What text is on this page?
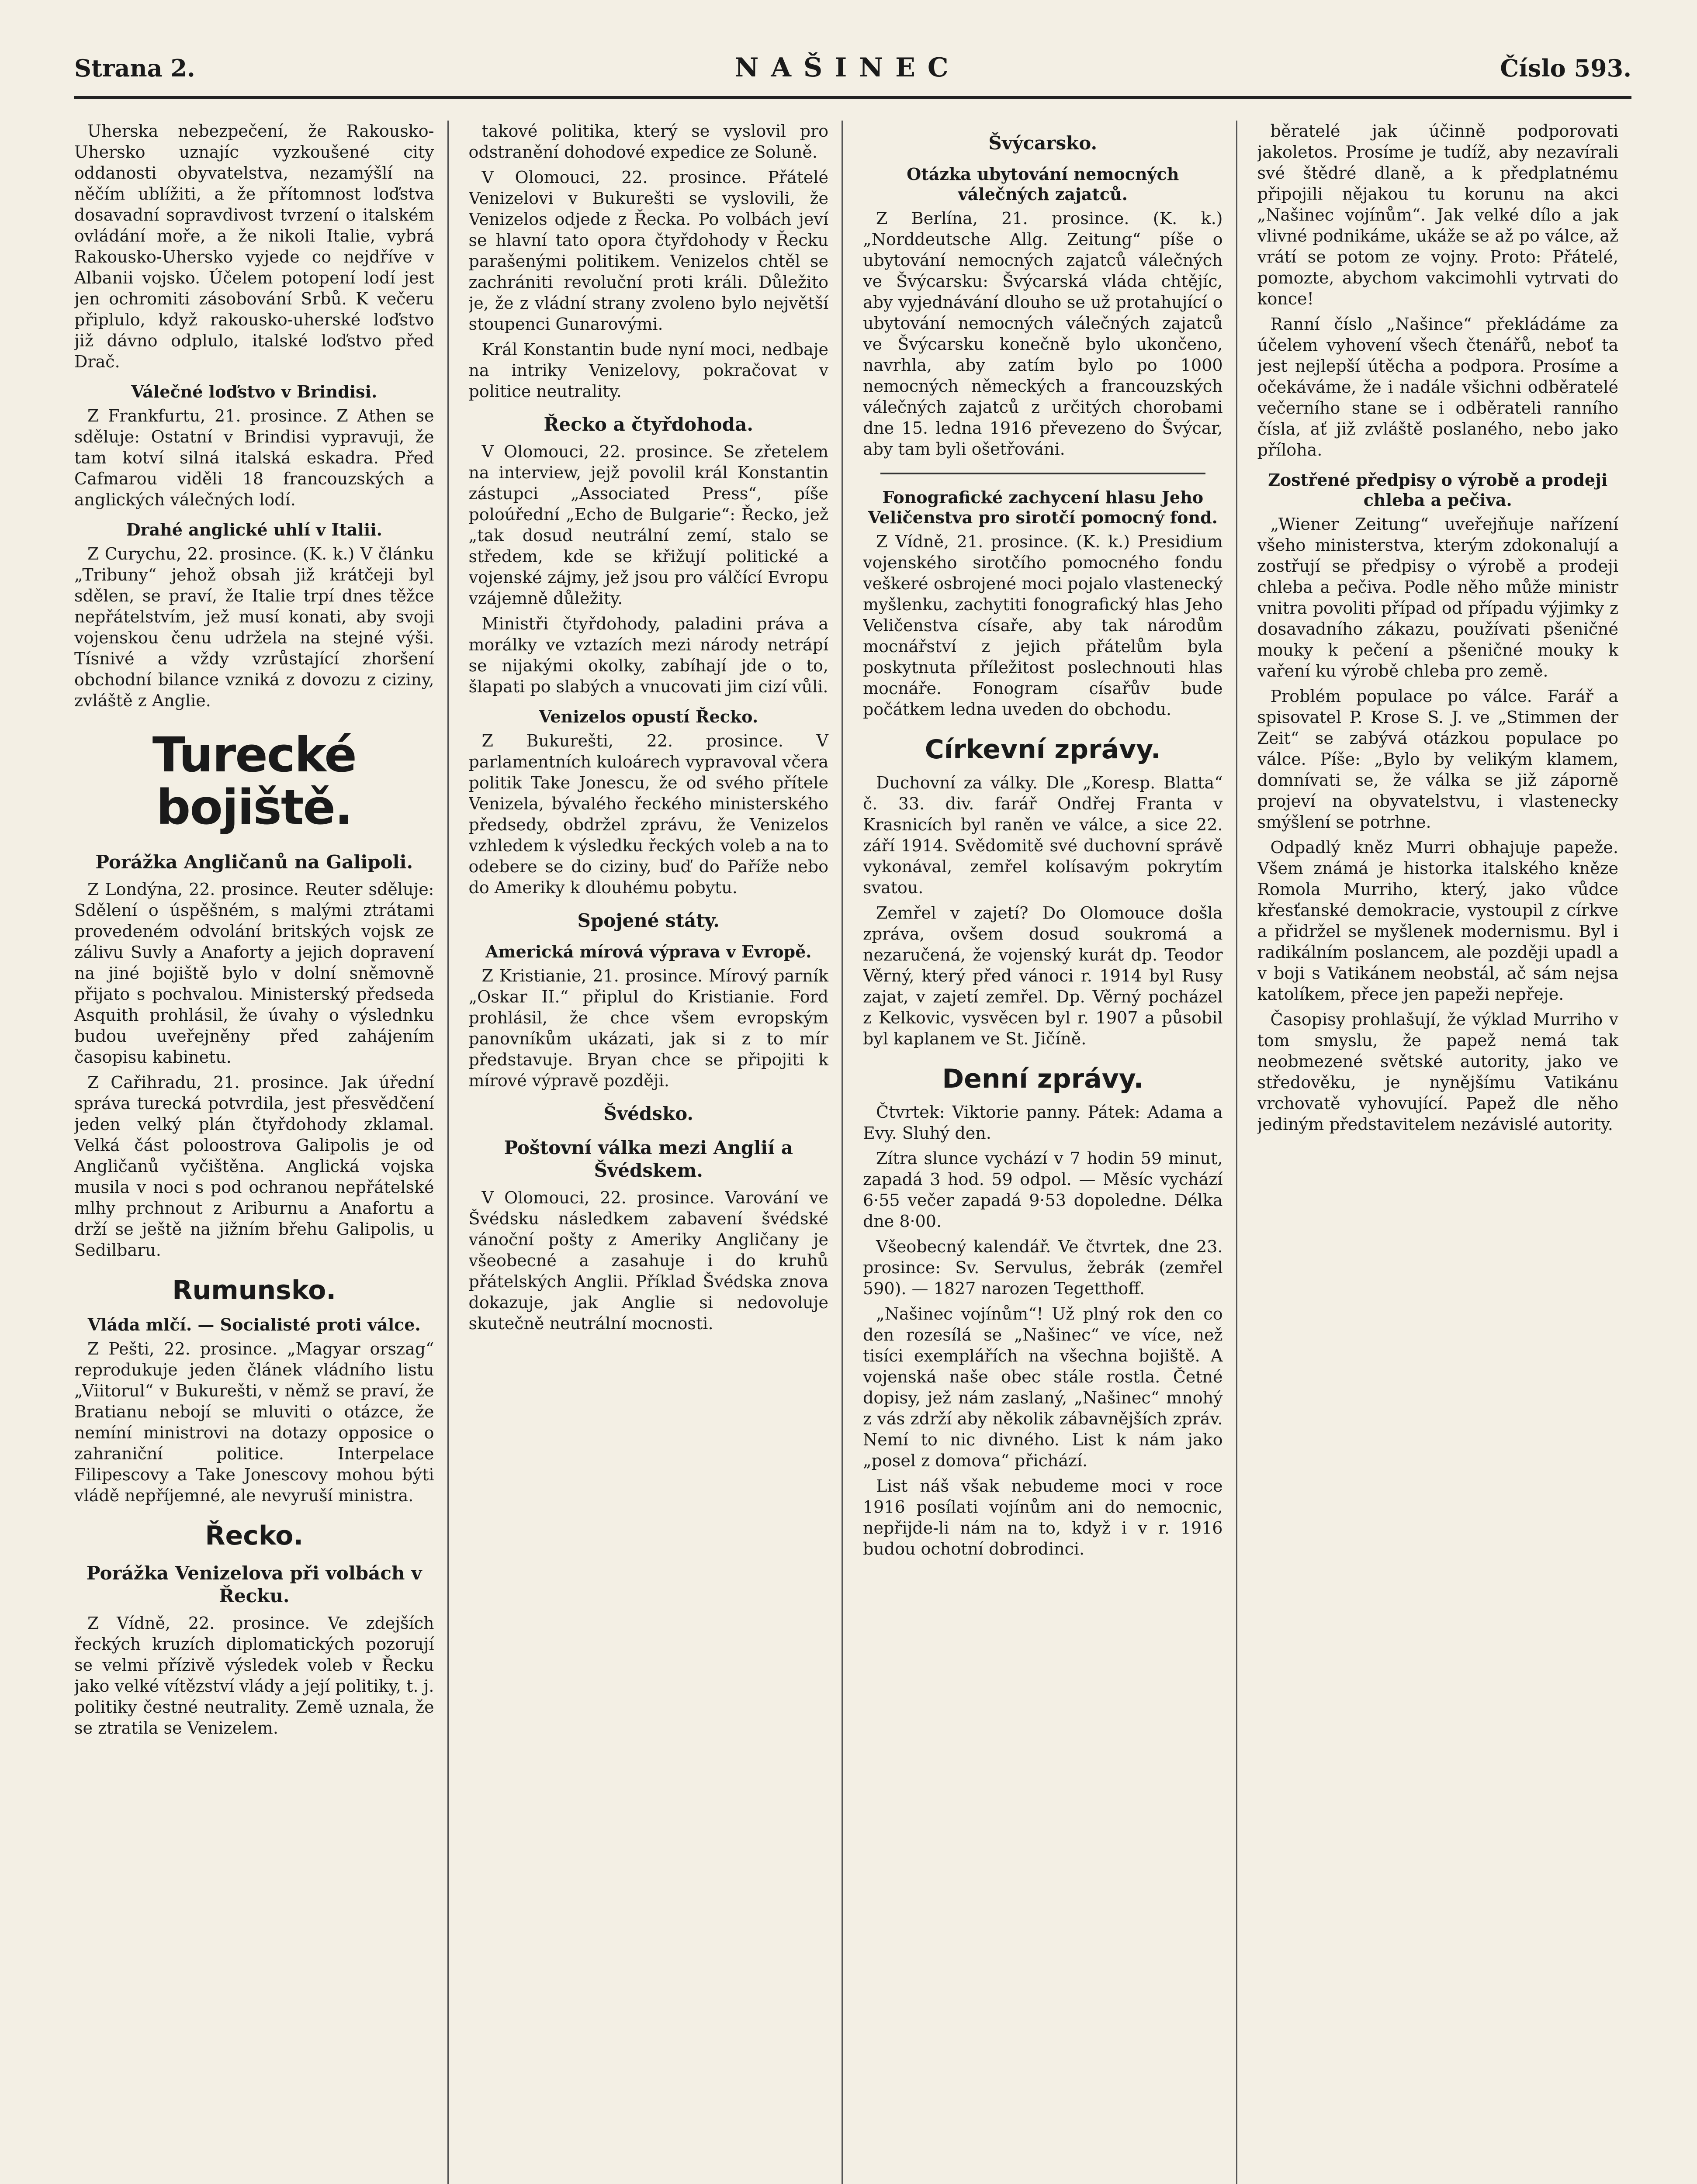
Strana 2.	NAŠINEC	Číslo 593.

Uherska nebezpečení, že Rakousko-Uhersko uznajíc vyzkoušené city oddanosti obyvatelstva, nezamýšlí na něčím ublížiti, a že přítomnost loďstva dosavadní sopravdivost tvrzení o italském ovládání moře, a že nikoli Italie, vybrá Rakousko-Uhersko vyjede co nejdříve v Albanii vojsko. Účelem potopení lodí jest jen ochromiti zásobování Srbů. K večeru připlulo, když rakousko-uherské loďstvo již dávno odplulo, italské loďstvo před Drač.

Válečné loďstvo v Brindisi.

Z Frankfurtu, 21. prosince. Z Athen se sděluje: Ostatní v Brindisi vypravuji, že tam kotví silná italská eskadra. Před Cafmarou viděli 18 francouzských a anglických válečných lodí.

Drahé anglické uhlí v Italii.

Z Curychu, 22. prosince. (K. k.) V článku „Tribuny“ jehož obsah již krátčeji byl sdělen, se praví, že Italie trpí dnes těžce nepřátelstvím, jež musí konati, aby svoji vojenskou čenu udržela na stejné výši. Tísnivé a vždy vzrůstající zhoršení obchodní bilance vzniká z dovozu z ciziny, zvláště z Anglie.

Turecké bojiště.
Porážka Angličanů na Galipoli.

Z Londýna, 22. prosince. Reuter sděluje: Sdělení o úspěšném, s malými ztrátami provedeném odvolání britských vojsk ze zálivu Suvly a Anaforty a jejich dopravení na jiné bojiště bylo v dolní sněmovně přijato s pochvalou. Ministerský předseda Asquith prohlásil, že úvahy o výslednku budou uveřejněny před zahájením časopisu kabinetu.

Z Cařihradu, 21. prosince. Jak úřední správa turecká potvrdila, jest přesvědčení jeden velký plán čtyřdohody zklamal. Velká část poloostrova Galipolis je od Angličanů vyčištěna. Anglická vojska musila v noci s pod ochranou nepřátelské mlhy prchnout z Ariburnu a Anafortu a drží se ještě na jižním břehu Galipolis, u Sedilbaru.

Rumunsko.
Vláda mlčí. — Socialisté proti válce.

Z Pešti, 22. prosince. „Magyar orszag“ reprodukuje jeden článek vládního listu „Viitorul“ v Bukurešti, v němž se praví, že Bratianu nebojí se mluviti o otázce, že nemíní ministrovi na dotazy opposice o zahraniční politice. Interpelace Filipescovy a Take Jonescovy mohou býti vládě nepříjemné, ale nevyruší ministra.

Řecko.
Porážka Venizelova při volbách v Řecku.

Z Vídně, 22. prosince. Ve zdejších řeckých kruzích diplomatických pozorují se velmi přízivě výsledek voleb v Řecku jako velké vítězství vlády a její politiky, t. j. politiky čestné neutrality. Země uznala, že se ztratila se Venizelem.

takové politika, který se vyslovil pro odstranění dohodové expedice ze Soluně.

V Olomouci, 22. prosince. Přátelé Venizelovi v Bukurešti se vyslovili, že Venizelos odjede z Řecka. Po volbách jeví se hlavní tato opora čtyřdohody v Řecku parašenými politikem. Venizelos chtěl se zachrániti revoluční proti králi. Důležito je, že z vládní strany zvoleno bylo největší stoupenci Gunarovými.

Král Konstantin bude nyní moci, nedbaje na intriky Venizelovy, pokračovat v politice neutrality.

Řecko a čtyřdohoda.

V Olomouci, 22. prosince. Se zřetelem na interview, jejž povolil král Konstantin zástupci „Associated Press“, píše poloúřední „Echo de Bulgarie“: Řecko, jež „tak dosud neutrální zemí, stalo se středem, kde se křižují politické a vojenské zájmy, jež jsou pro válčící Evropu vzájemně důležity.

Ministři čtyřdohody, paladini práva a morálky ve vztazích mezi národy netrápí se nijakými okolky, zabíhají jde o to, šlapati po slabých a vnucovati jim cizí vůli.

Venizelos opustí Řecko.

Z Bukurešti, 22. prosince. V parlamentních kuloárech vypravoval včera politik Take Jonescu, že od svého přítele Venizela, bývalého řeckého ministerského předsedy, obdržel zprávu, že Venizelos vzhledem k výsledku řeckých voleb a na to odebere se do ciziny, buď do Paříže nebo do Ameriky k dlouhému pobytu.

Spojené státy.
Americká mírová výprava v Evropě.

Z Kristianie, 21. prosince. Mírový parník „Oskar II.“ připlul do Kristianie. Ford prohlásil, že chce všem evropským panovníkům ukázati, jak si z to mír představuje. Bryan chce se připojiti k mírové výpravě později.

Švédsko.
Poštovní válka mezi Anglií a Švédskem.

V Olomouci, 22. prosince. Varování ve Švédsku následkem zabavení švédské vánoční pošty z Ameriky Angličany je všeobecné a zasahuje i do kruhů přátelských Anglii. Příklad Švédska znova dokazuje, jak Anglie si nedovoluje skutečně neutrální mocnosti.

Švýcarsko.
Otázka ubytování nemocných válečných zajatců.

Z Berlína, 21. prosince. (K. k.) „Norddeutsche Allg. Zeitung“ píše o ubytování nemocných zajatců válečných ve Švýcarsku: Švýcarská vláda chtějíc, aby vyjednávání dlouho se už protahující o ubytování nemocných válečných zajatců ve Švýcarsku konečně bylo ukončeno, navrhla, aby zatím bylo po 1000 nemocných německých a francouzských válečných zajatců z určitých chorobami dne 15. ledna 1916 převezeno do Švýcar, aby tam byli ošetřováni.

Fonografické zachycení hlasu Jeho Veličenstva pro sirotčí pomocný fond.

Z Vídně, 21. prosince. (K. k.) Presidium vojenského sirotčího pomocného fondu veškeré osbrojené moci pojalo vlastenecký myšlenku, zachytiti fonografický hlas Jeho Veličenstva císaře, aby tak národům mocnářství z jejich přátelům byla poskytnuta příležitost poslechnouti hlas mocnáře. Fonogram císařův bude počátkem ledna uveden do obchodu.

Církevní zprávy.

Duchovní za války. Dle „Koresp. Blatta“ č. 33. div. farář Ondřej Franta v Krasnicích byl raněn ve válce, a sice 22. září 1914. Svědomitě své duchovní správě vykonával, zemřel kolísavým pokrytím svatou.

Zemřel v zajetí? Do Olomouce došla zpráva, ovšem dosud soukromá a nezaručená, že vojenský kurát dp. Teodor Věrný, který před vánoci r. 1914 byl Rusy zajat, v zajetí zemřel. Dp. Věrný pocházel z Kelkovic, vysvěcen byl r. 1907 a působil byl kaplanem ve St. Jičíně.

Denní zprávy.

Čtvrtek: Viktorie panny. Pátek: Adama a Evy. Sluhý den.

Zítra slunce vychází v 7 hodin 59 minut, zapadá 3 hod. 59 odpol. — Měsíc vychází 6·55 večer zapadá 9·53 dopoledne. Délka dne 8·00.

Všeobecný kalendář. Ve čtvrtek, dne 23. prosince: Sv. Servulus, žebrák (zemřel 590). — 1827 narozen Tegetthoff.

„Našinec vojínům“! Už plný rok den co den rozesílá se „Našinec“ ve více, než tisíci exemplářích na všechna bojiště. A vojenská naše obec stále rostla. Četné dopisy, jež nám zaslaný, „Našinec“ mnohý z vás zdrží aby několik zábavnějších zpráv. Nemí to nic divného. List k nám jako „posel z domova“ přichází.

List náš však nebudeme moci v roce 1916 posílati vojínům ani do nemocnic, nepřijde-li nám na to, když i v r. 1916 budou ochotní dobrodinci.

běratelé jak účinně podporovati jakoletos. Prosíme je tudíž, aby nezavírali své štědré dlaně, a k předplatnému připojili nějakou tu korunu na akci „Našinec vojínům“. Jak velké dílo a jak vlivné podnikáme, ukáže se až po válce, až vrátí se potom ze vojny. Proto: Přátelé, pomozte, abychom vakcimohli vytrvati do konce!

Ranní číslo „Našince“ překládáme za účelem vyhovení všech čtenářů, neboť ta jest nejlepší útěcha a podpora. Prosíme a očekáváme, že i nadále všichni odběratelé večerního stane se i odběrateli ranního čísla, ať již zvláště poslaného, nebo jako příloha.

Zostřené předpisy o výrobě a prodeji chleba a pečiva.

„Wiener Zeitung“ uveřejňuje nařízení všeho ministerstva, kterým zdokonalují a zostřují se předpisy o výrobě a prodeji chleba a pečiva. Podle něho může ministr vnitra povoliti případ od případu výjimky z dosavadního zákazu, používati pšeničné mouky k pečení a pšeničné mouky k vaření ku výrobě chleba pro země.

Problém populace po válce. Farář a spisovatel P. Krose S. J. ve „Stimmen der Zeit“ se zabývá otázkou populace po válce. Píše: „Bylo by velikým klamem, domnívati se, že válka se již záporně projeví na obyvatelstvu, i vlastenecky smýšlení se potrhne.

Odpadlý kněz Murri obhajuje papeže. Všem známá je historka italského kněze Romola Murriho, který, jako vůdce křesťanské demokracie, vystoupil z církve a přidržel se myšlenek modernismu. Byl i radikálním poslancem, ale později upadl a v boji s Vatikánem neobstál, ač sám nejsa katolíkem, přece jen papeži nepřeje.

Časopisy prohlašují, že výklad Murriho v tom smyslu, že papež nemá tak neobmezené světské autority, jako ve středověku, je nynějšímu Vatikánu vrchovatě vyhovující. Papež dle něho jediným představitelem nezávislé autority.
